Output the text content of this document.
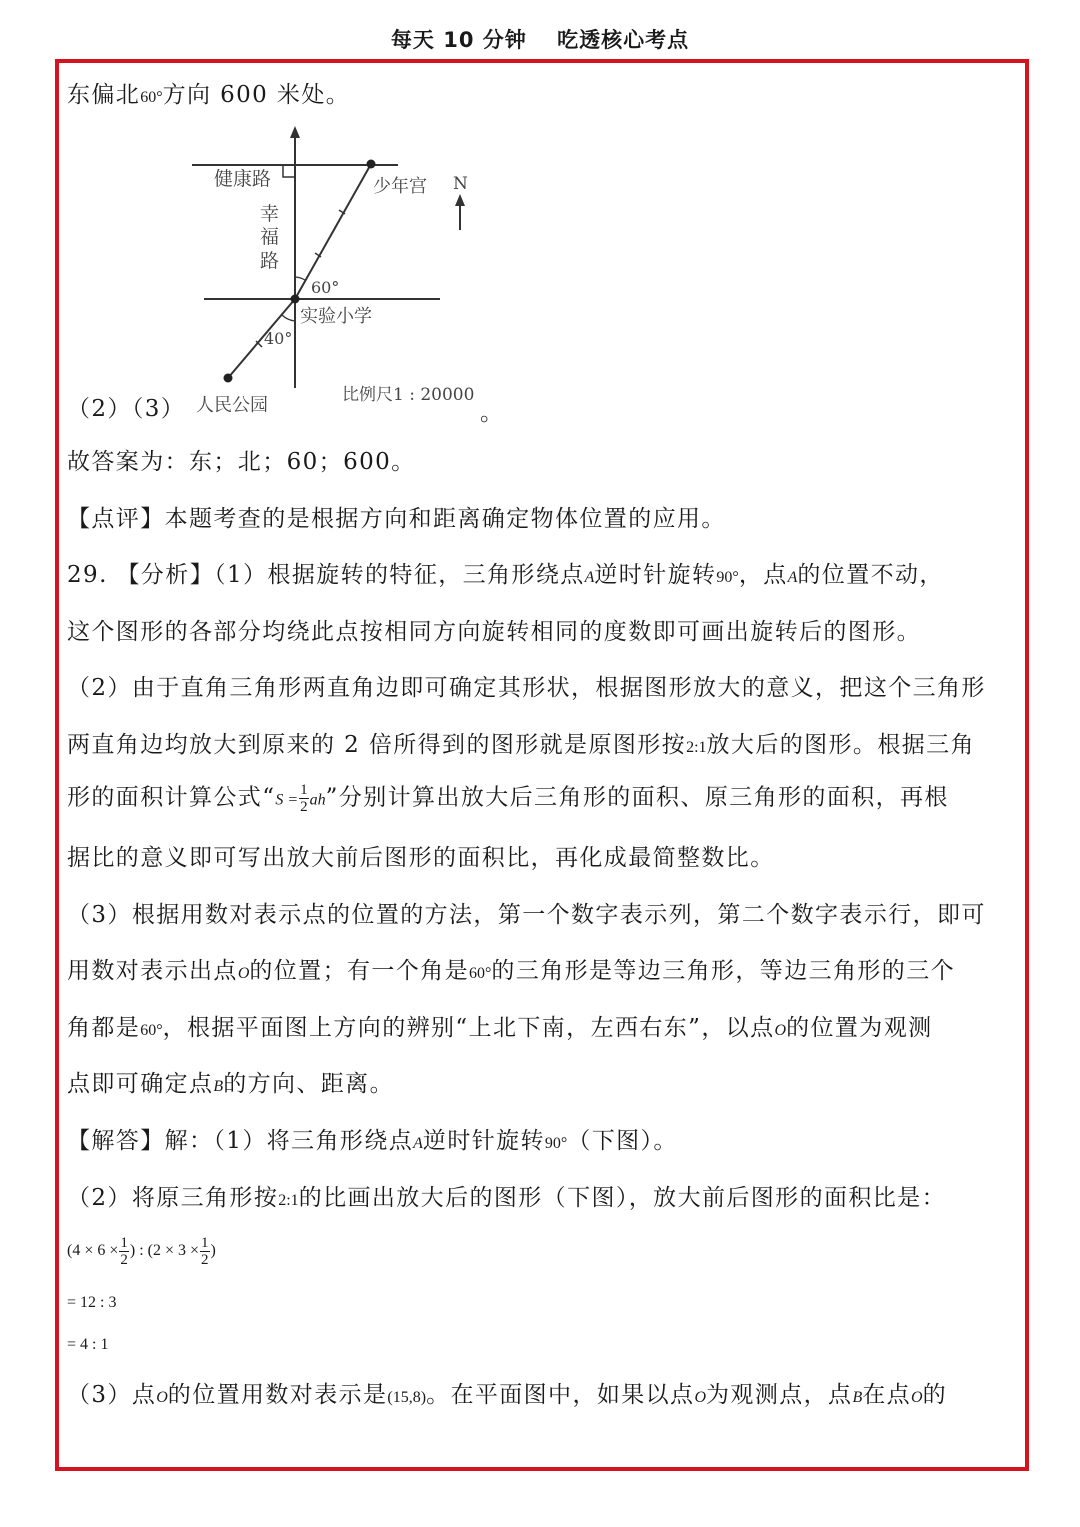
每天 10 分钟 　吃透核心考点
东偏北60°方向 600 米处。
健康路
幸
福
路
少年宫 N
60°
实验小学
40°
人民公园	比例尺1 : 20000
（2）（3）	。
故答案为：东；北；60；600。
【点评】本题考查的是根据方向和距离确定物体位置的应用。
29. 【分析】（1）根据旋转的特征，三角形绕点A逆时针旋转90°，点A的位置不动，
这个图形的各部分均绕此点按相同方向旋转相同的度数即可画出旋转后的图形。
（2）由于直角三角形两直角边即可确定其形状，根据图形放大的意义，把这个三角形
两直角边均放大到原来的 2 倍所得到的图形就是原图形按2:1放大后的图形。根据三角
形的面积计算公式“$S = \frac{1}{2}$ ah”分别计算出放大后三角形的面积、原三角形的面积，再根
据比的意义即可写出放大前后图形的面积比，再化成最简整数比。
（3）根据用数对表示点的位置的方法，第一个数字表示列，第二个数字表示行，即可
用数对表示出点O的位置；有一个角是60°的三角形是等边三角形，等边三角形的三个
角都是60°，根据平面图上方向的辨别“上北下南，左西右东”，以点O的位置为观测
点即可确定点B的方向、距离。
【解答】解：（1）将三角形绕点A逆时针旋转90°（下图）。
（2）将原三角形按2:1的比画出放大后的图形（下图），放大前后图形的面积比是：
($4 \times 6 \times \frac{1}{2}$ ) : ($2 \times 3 \times \frac{1}{2}$ )
= 12 : 3
= 4 : 1
（3）点O的位置用数对表示是(15,8)。在平面图中，如果以点O为观测点，点B在点O的
